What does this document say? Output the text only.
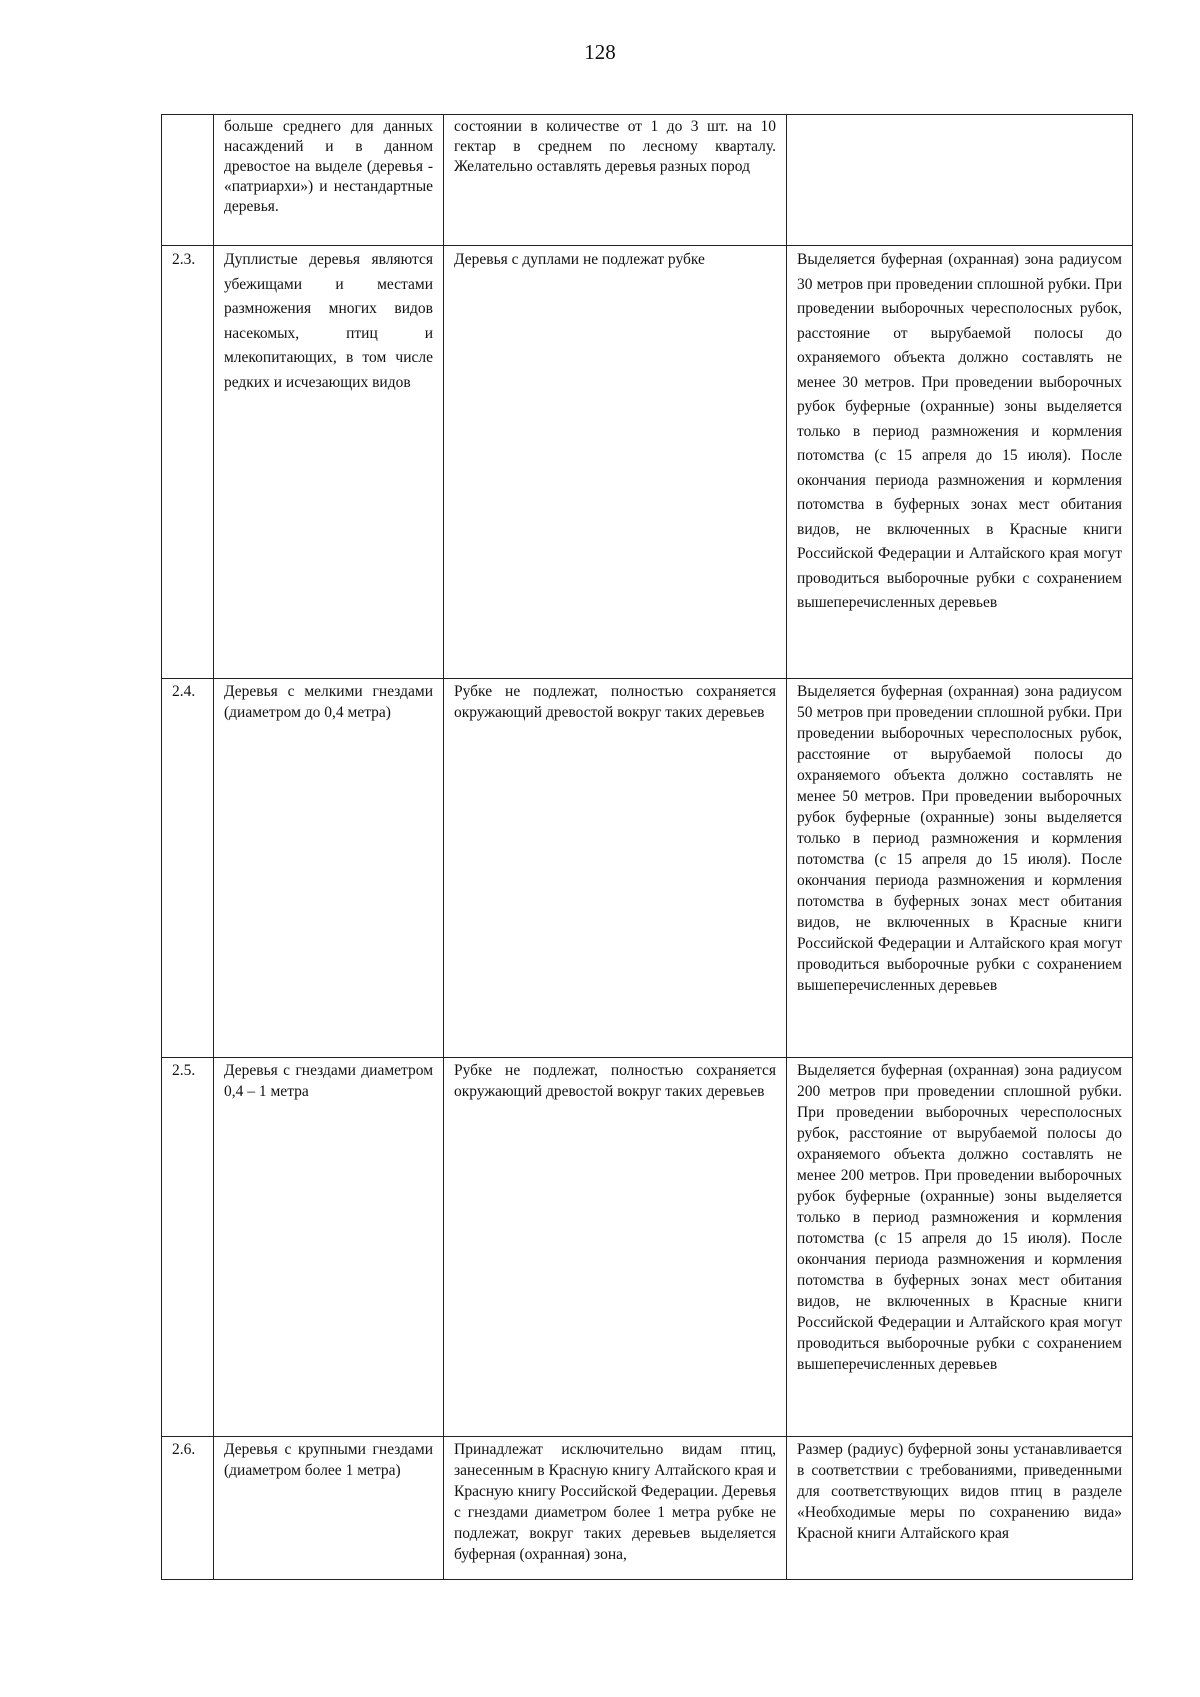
128

	больше среднего для данных насаждений и в данном древостое на выделе (деревья - «патриархи») и нестандартные деревья.	состоянии в количестве от 1 до 3 шт. на 10 гектар в среднем по лесному кварталу. Желательно оставлять деревья разных пород	

2.3.	Дуплистые деревья являются убежищами и местами размножения многих видов насекомых, птиц и млекопитающих, в том числе редких и исчезающих видов	Деревья с дуплами не подлежат рубке	Выделяется буферная (охранная) зона радиусом 30 метров при проведении сплошной рубки. При проведении выборочных чересполосных рубок, расстояние от вырубаемой полосы до охраняемого объекта должно составлять не менее 30 метров. При проведении выборочных рубок буферные (охранные) зоны выделяется только в период размножения и кормления потомства (с 15 апреля до 15 июля). После окончания периода размножения и кормления потомства в буферных зонах мест обитания видов, не включенных в Красные книги Российской Федерации и Алтайского края могут проводиться выборочные рубки с сохранением вышеперечисленных деревьев

2.4.	Деревья с мелкими гнездами (диаметром до 0,4 метра)	Рубке не подлежат, полностью сохраняется окружающий древостой вокруг таких деревьев	Выделяется буферная (охранная) зона радиусом 50 метров при проведении сплошной рубки. При проведении выборочных чересполосных рубок, расстояние от вырубаемой полосы до охраняемого объекта должно составлять не менее 50 метров. При проведении выборочных рубок буферные (охранные) зоны выделяется только в период размножения и кормления потомства (с 15 апреля до 15 июля). После окончания периода размножения и кормления потомства в буферных зонах мест обитания видов, не включенных в Красные книги Российской Федерации и Алтайского края могут проводиться выборочные рубки с сохранением вышеперечисленных деревьев

2.5.	Деревья с гнездами диаметром 0,4 – 1 метра	Рубке не подлежат, полностью сохраняется окружающий древостой вокруг таких деревьев	Выделяется буферная (охранная) зона радиусом 200 метров при проведении сплошной рубки. При проведении выборочных чересполосных рубок, расстояние от вырубаемой полосы до охраняемого объекта должно составлять не менее 200 метров. При проведении выборочных рубок буферные (охранные) зоны выделяется только в период размножения и кормления потомства (с 15 апреля до 15 июля). После окончания периода размножения и кормления потомства в буферных зонах мест обитания видов, не включенных в Красные книги Российской Федерации и Алтайского края могут проводиться выборочные рубки с сохранением вышеперечисленных деревьев

2.6.	Деревья с крупными гнездами (диаметром более 1 метра)	Принадлежат исключительно видам птиц, занесенным в Красную книгу Алтайского края и Красную книгу Российской Федерации. Деревья с гнездами диаметром более 1 метра рубке не подлежат, вокруг таких деревьев выделяется буферная (охранная) зона,	Размер (радиус) буферной зоны устанавливается в соответствии с требованиями, приведенными для соответствующих видов птиц в разделе «Необходимые меры по сохранению вида» Красной книги Алтайского края
